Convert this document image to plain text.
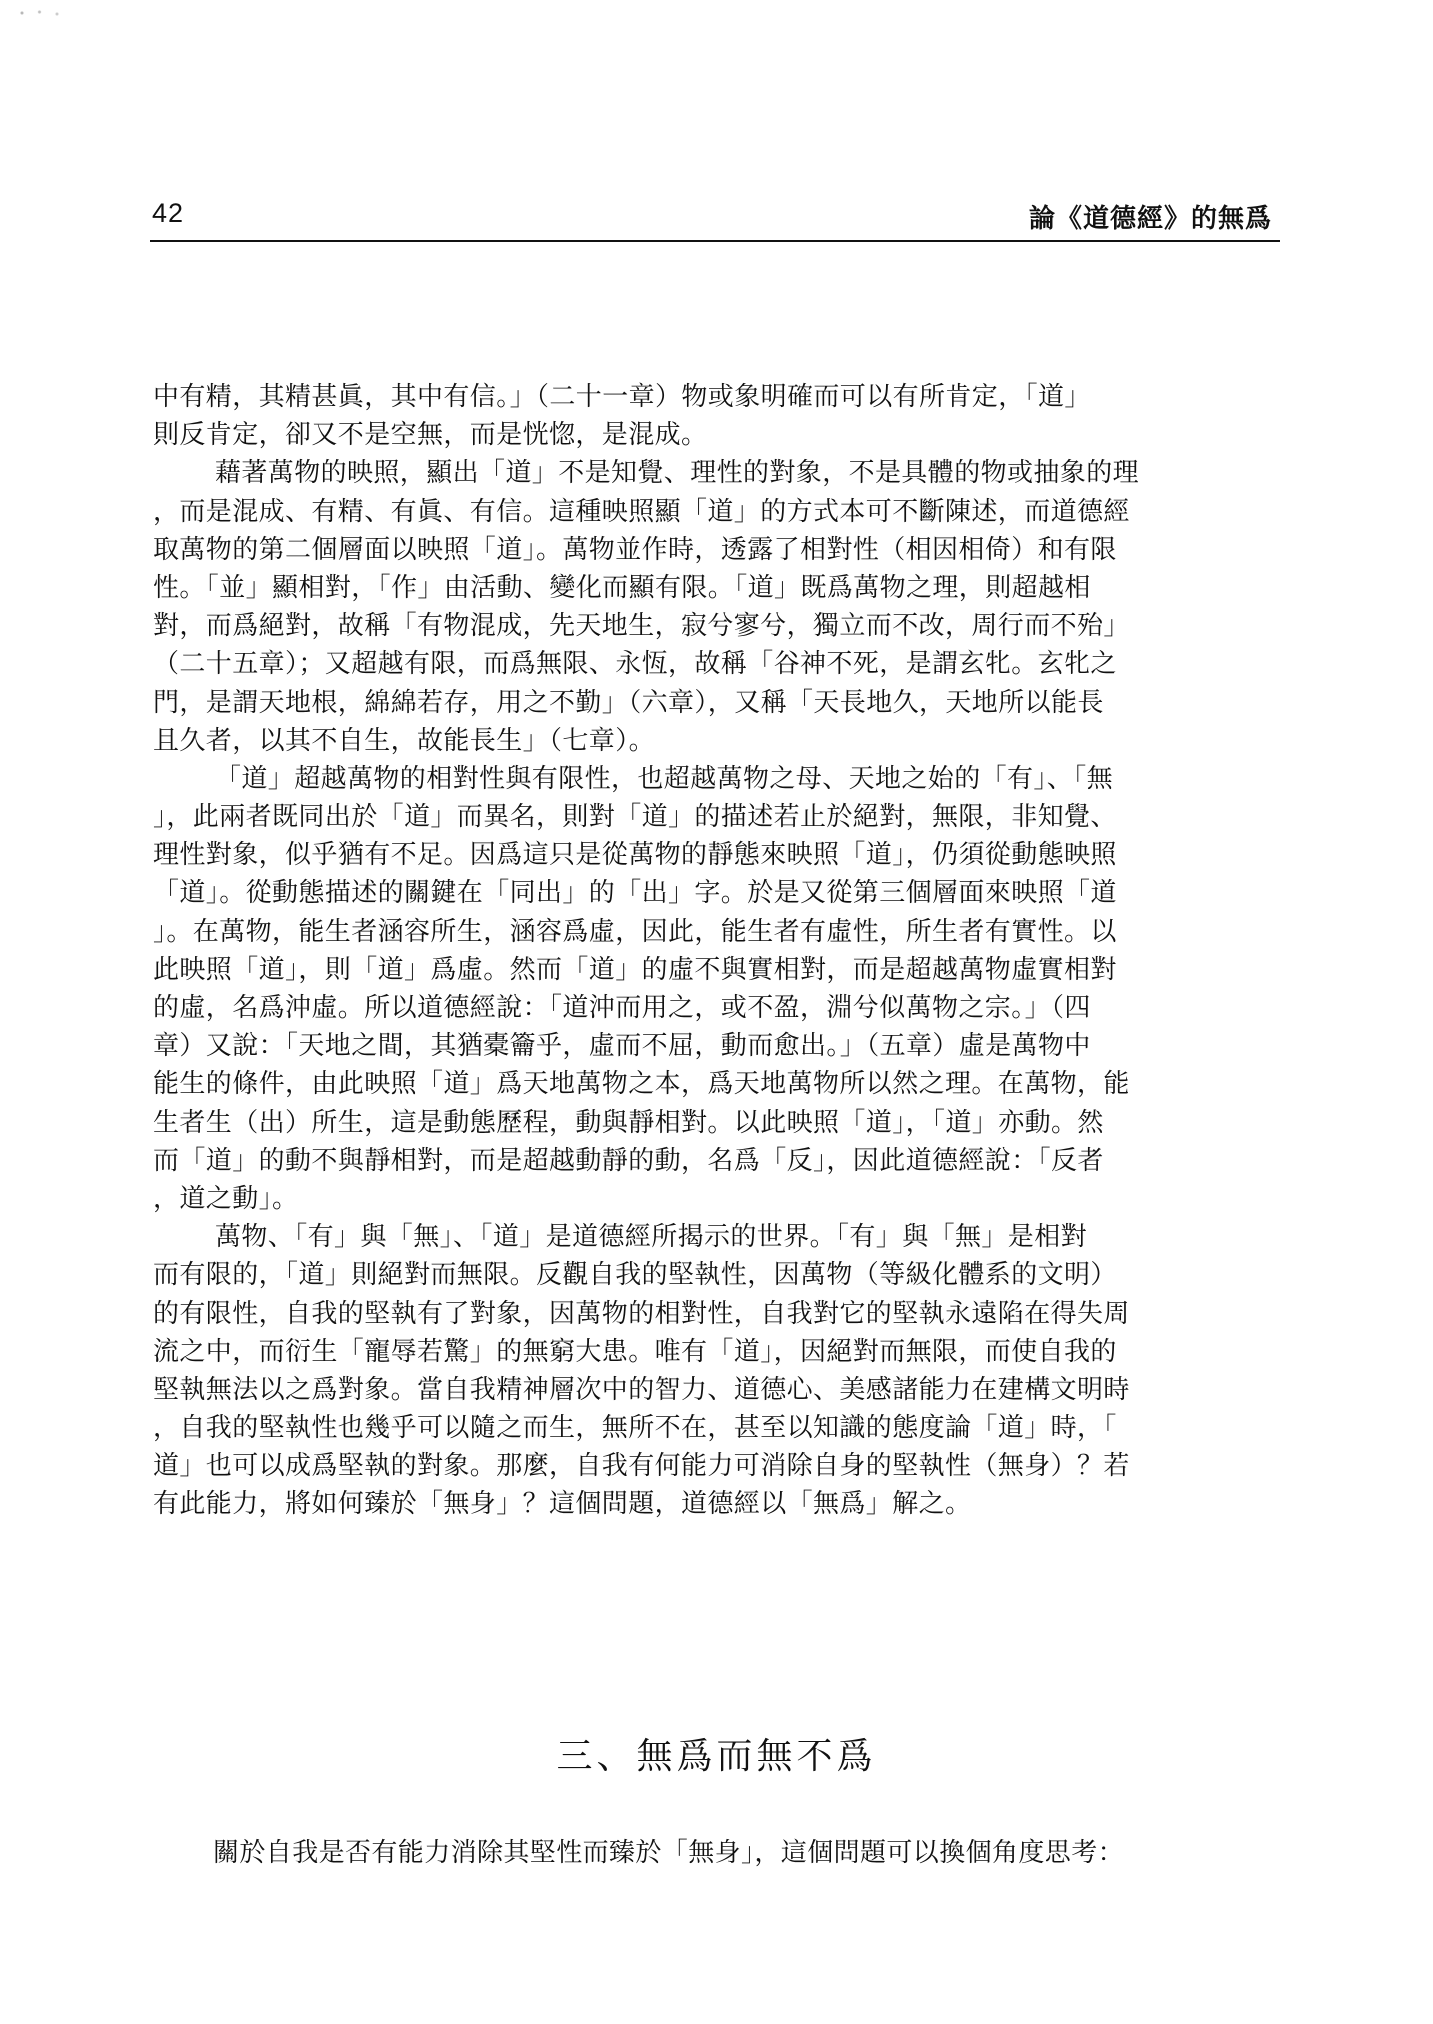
42	論《道德經》的無爲
中有精，其精甚眞，其中有信。」（二十一章）物或象明確而可以有所肯定，「道」
則反肯定，卻又不是空無，而是恍惚，是混成。
藉著萬物的映照，顯出「道」不是知覺、理性的對象，不是具體的物或抽象的理
，而是混成、有精、有眞、有信。這種映照顯「道」的方式本可不斷陳述，而道德經
取萬物的第二個層面以映照「道」。萬物並作時，透露了相對性（相因相倚）和有限
性。「並」顯相對，「作」由活動、變化而顯有限。「道」既爲萬物之理，則超越相
對，而爲絕對，故稱「有物混成，先天地生，寂兮寥兮，獨立而不改，周行而不殆」
（二十五章）；又超越有限，而爲無限、永恆，故稱「谷神不死，是謂玄牝。玄牝之
門，是謂天地根，綿綿若存，用之不勤」（六章），又稱「天長地久，天地所以能長
且久者，以其不自生，故能長生」（七章）。
「道」超越萬物的相對性與有限性，也超越萬物之母、天地之始的「有」、「無
」，此兩者既同出於「道」而異名，則對「道」的描述若止於絕對，無限，非知覺、
理性對象，似乎猶有不足。因爲這只是從萬物的靜態來映照「道」，仍須從動態映照
「道」。從動態描述的關鍵在「同出」的「出」字。於是又從第三個層面來映照「道
」。在萬物，能生者涵容所生，涵容爲虛，因此，能生者有虛性，所生者有實性。以
此映照「道」，則「道」爲虛。然而「道」的虛不與實相對，而是超越萬物虛實相對
的虛，名爲沖虛。所以道德經說：「道沖而用之，或不盈，淵兮似萬物之宗。」（四
章）又說：「天地之間，其猶橐籥乎，虛而不屈，動而愈出。」（五章）虛是萬物中
能生的條件，由此映照「道」爲天地萬物之本，爲天地萬物所以然之理。在萬物，能
生者生（出）所生，這是動態歷程，動與靜相對。以此映照「道」，「道」亦動。然
而「道」的動不與靜相對，而是超越動靜的動，名爲「反」，因此道德經說：「反者
，道之動」。
萬物、「有」與「無」、「道」是道德經所揭示的世界。「有」與「無」是相對
而有限的，「道」則絕對而無限。反觀自我的堅執性，因萬物（等級化體系的文明）
的有限性，自我的堅執有了對象，因萬物的相對性，自我對它的堅執永遠陷在得失周
流之中，而衍生「寵辱若驚」的無窮大患。唯有「道」，因絕對而無限，而使自我的
堅執無法以之爲對象。當自我精神層次中的智力、道德心、美感諸能力在建構文明時
，自我的堅執性也幾乎可以隨之而生，無所不在，甚至以知識的態度論「道」時，「
道」也可以成爲堅執的對象。那麼，自我有何能力可消除自身的堅執性（無身）？若
有此能力，將如何臻於「無身」？這個問題，道德經以「無爲」解之。
三、無爲而無不爲
關於自我是否有能力消除其堅性而臻於「無身」，這個問題可以換個角度思考：
